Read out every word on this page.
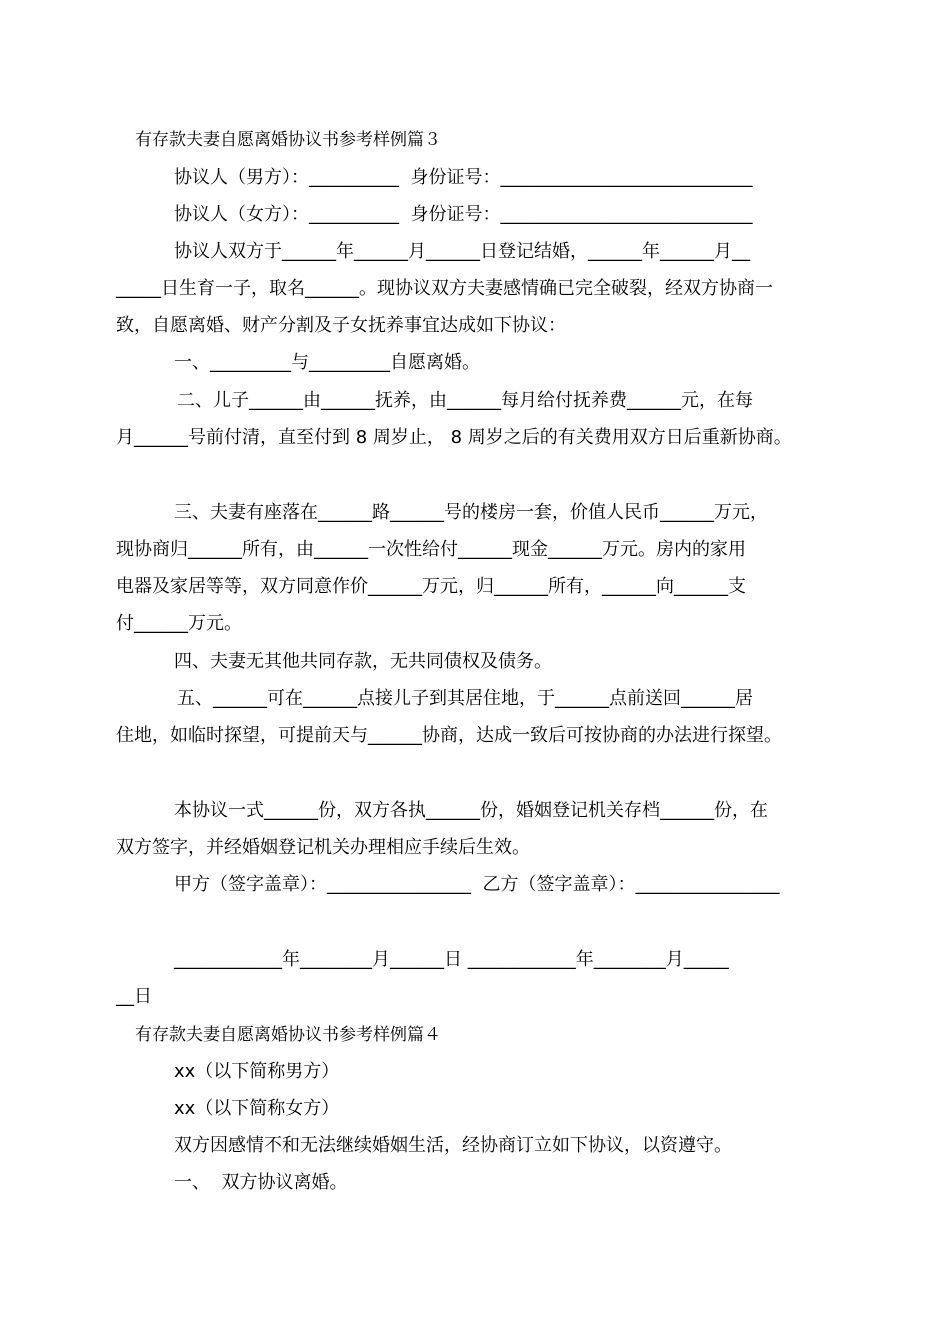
有存款夫妻自愿离婚协议书参考样例篇３

协议人（男方）：__________  身份证号：____________________________

协议人（女方）：__________  身份证号：____________________________

协议人双方于______年______月______日登记结婚，______年______月__

_____日生育一子，取名______。现协议双方夫妻感情确已完全破裂，经双方协商一

致，自愿离婚、财产分割及子女抚养事宜达成如下协议：

一、_________与_________自愿离婚。

二、儿子______由______抚养，由______每月给付抚养费______元，在每

月______号前付清，直至付到 8 周岁止， 8 周岁之后的有关费用双方日后重新协商。

三、夫妻有座落在______路______号的楼房一套，价值人民币______万元，

现协商归______所有，由______一次性给付______现金______万元。房内的家用

电器及家居等等，双方同意作价______万元，归______所有，______向______支

付______万元。

四、夫妻无其他共同存款，无共同债权及债务。

五、______可在______点接儿子到其居住地，于______点前送回______居

住地，如临时探望，可提前天与______协商，达成一致后可按协商的办法进行探望。

本协议一式______份，双方各执______份，婚姻登记机关存档______份，在

双方签字，并经婚姻登记机关办理相应手续后生效。

甲方（签字盖章）：________________  乙方（签字盖章）：________________

____________年________月______日 ____________年________月_____

__日

有存款夫妻自愿离婚协议书参考样例篇４

xx（以下简称男方）

xx（以下简称女方）

双方因感情不和无法继续婚姻生活，经协商订立如下协议，以资遵守。

一、  双方协议离婚。
